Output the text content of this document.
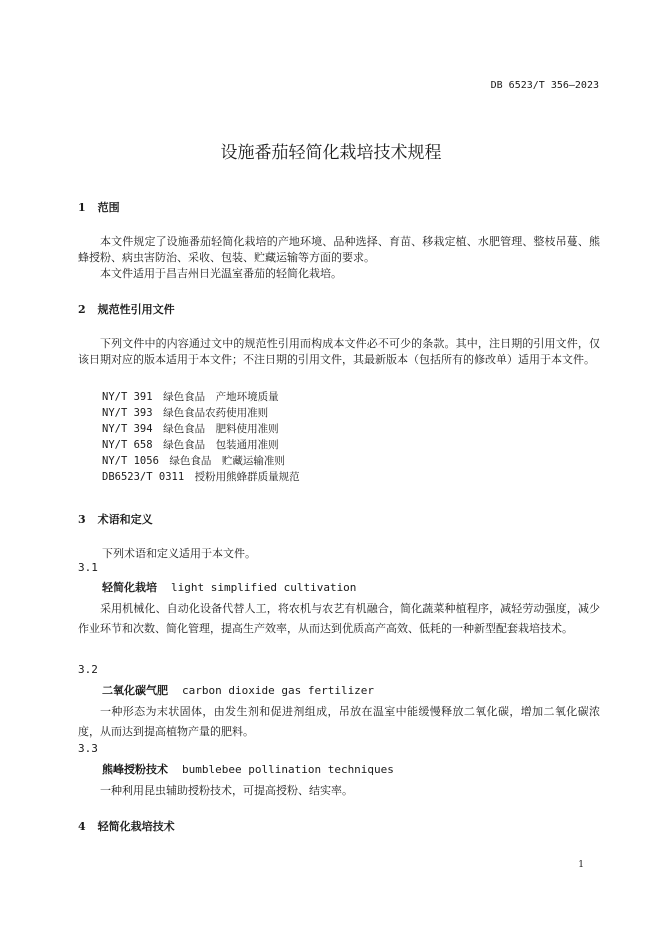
DB 6523/T 356—2023
设施番茄轻简化栽培技术规程
1 范围
本文件规定了设施番茄轻简化栽培的产地环境、品种选择、育苗、移栽定植、水肥管理、整枝吊蔓、熊蜂授粉、病虫害防治、采收、包装、贮藏运输等方面的要求。
本文件适用于昌吉州日光温室番茄的轻简化栽培。
2 规范性引用文件
下列文件中的内容通过文中的规范性引用而构成本文件必不可少的条款。其中，注日期的引用文件，仅该日期对应的版本适用于本文件；不注日期的引用文件，其最新版本（包括所有的修改单）适用于本文件。
NY/T 391　绿色食品　产地环境质量
NY/T 393　绿色食品农药使用准则
NY/T 394　绿色食品　肥料使用准则
NY/T 658　绿色食品　包装通用准则
NY/T 1056　绿色食品　贮藏运输准则
DB6523/T 0311　授粉用熊蜂群质量规范
3 术语和定义
下列术语和定义适用于本文件。
3.1
轻简化栽培 light simplified cultivation
采用机械化、自动化设备代替人工，将农机与农艺有机融合，简化蔬菜种植程序，减轻劳动强度，减少作业环节和次数、简化管理，提高生产效率，从而达到优质高产高效、低耗的一种新型配套栽培技术。
3.2
二氧化碳气肥 carbon dioxide gas fertilizer
一种形态为末状固体，由发生剂和促进剂组成，吊放在温室中能缓慢释放二氧化碳，增加二氧化碳浓度，从而达到提高植物产量的肥料。
3.3
熊峰授粉技术 bumblebee pollination techniques
一种利用昆虫辅助授粉技术，可提高授粉、结实率。
4 轻简化栽培技术
1
